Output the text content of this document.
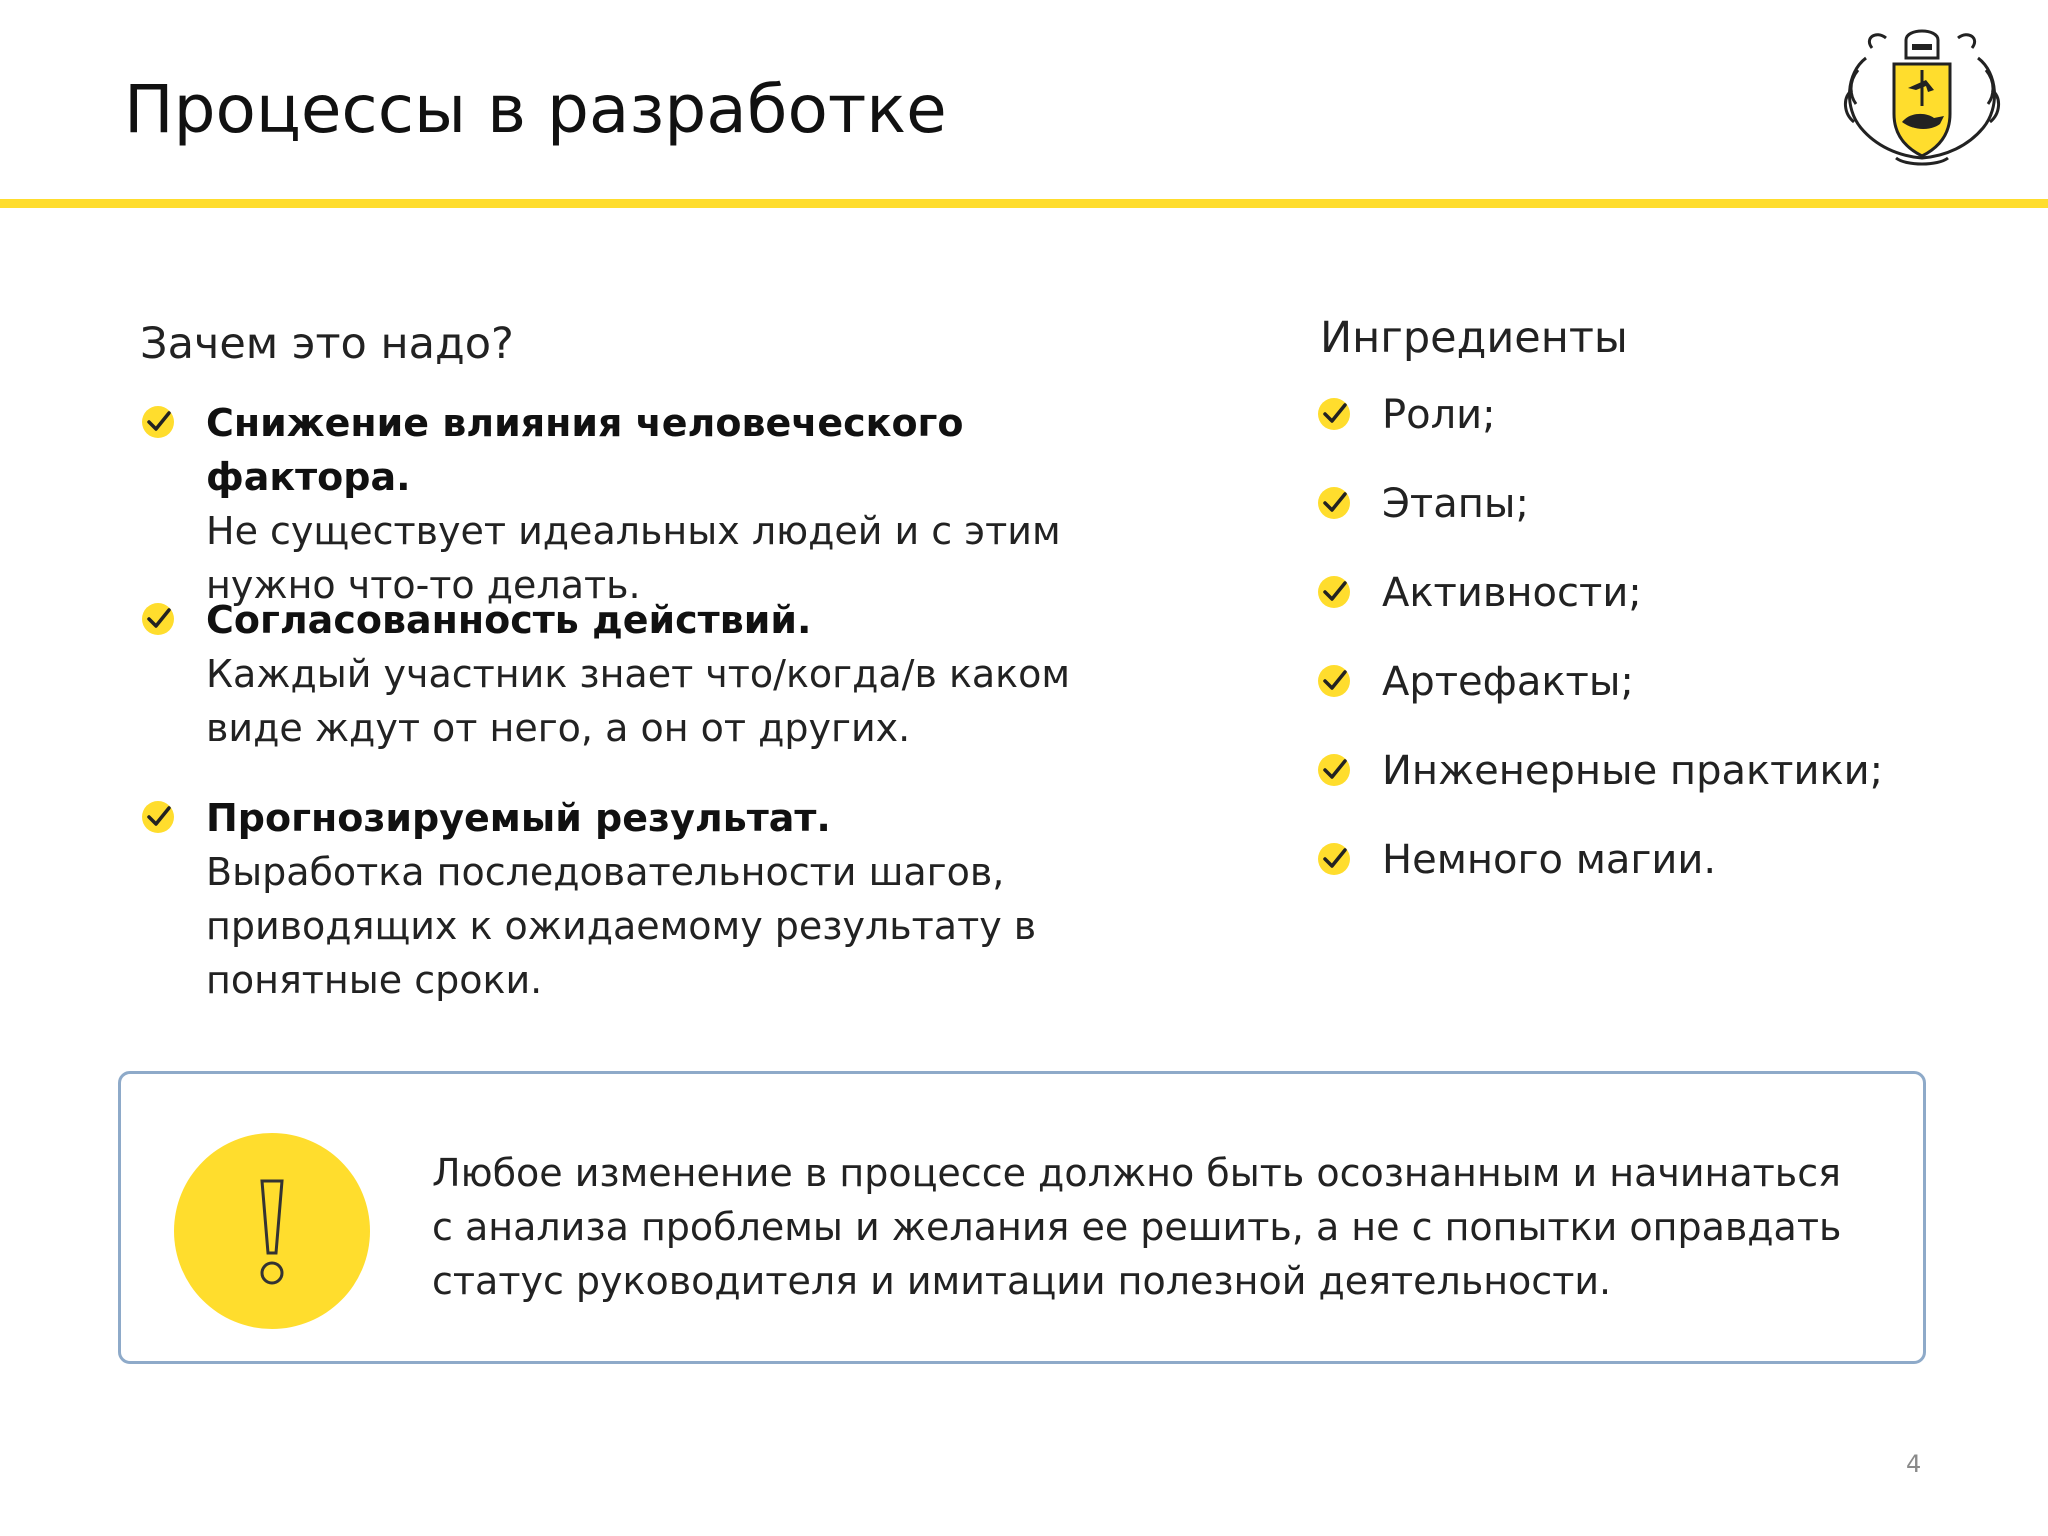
Процессы в разработке
Зачем это надо?
Снижение влияния человеческого фактора.
Не существует идеальных людей и с этим нужно что-то делать.
Согласованность действий.
Каждый участник знает что/когда/в каком виде ждут от него, а он от других.
Прогнозируемый результат.
Выработка последовательности шагов, приводящих к ожидаемому результату в понятные сроки.
Ингредиенты
Роли;
Этапы;
Активности;
Артефакты;
Инженерные практики;
Немного магии.
Любое изменение в процессе должно быть осознанным и начинаться с анализа проблемы и желания ее решить, а не с попытки оправдать статус руководителя и имитации полезной деятельности.
4
